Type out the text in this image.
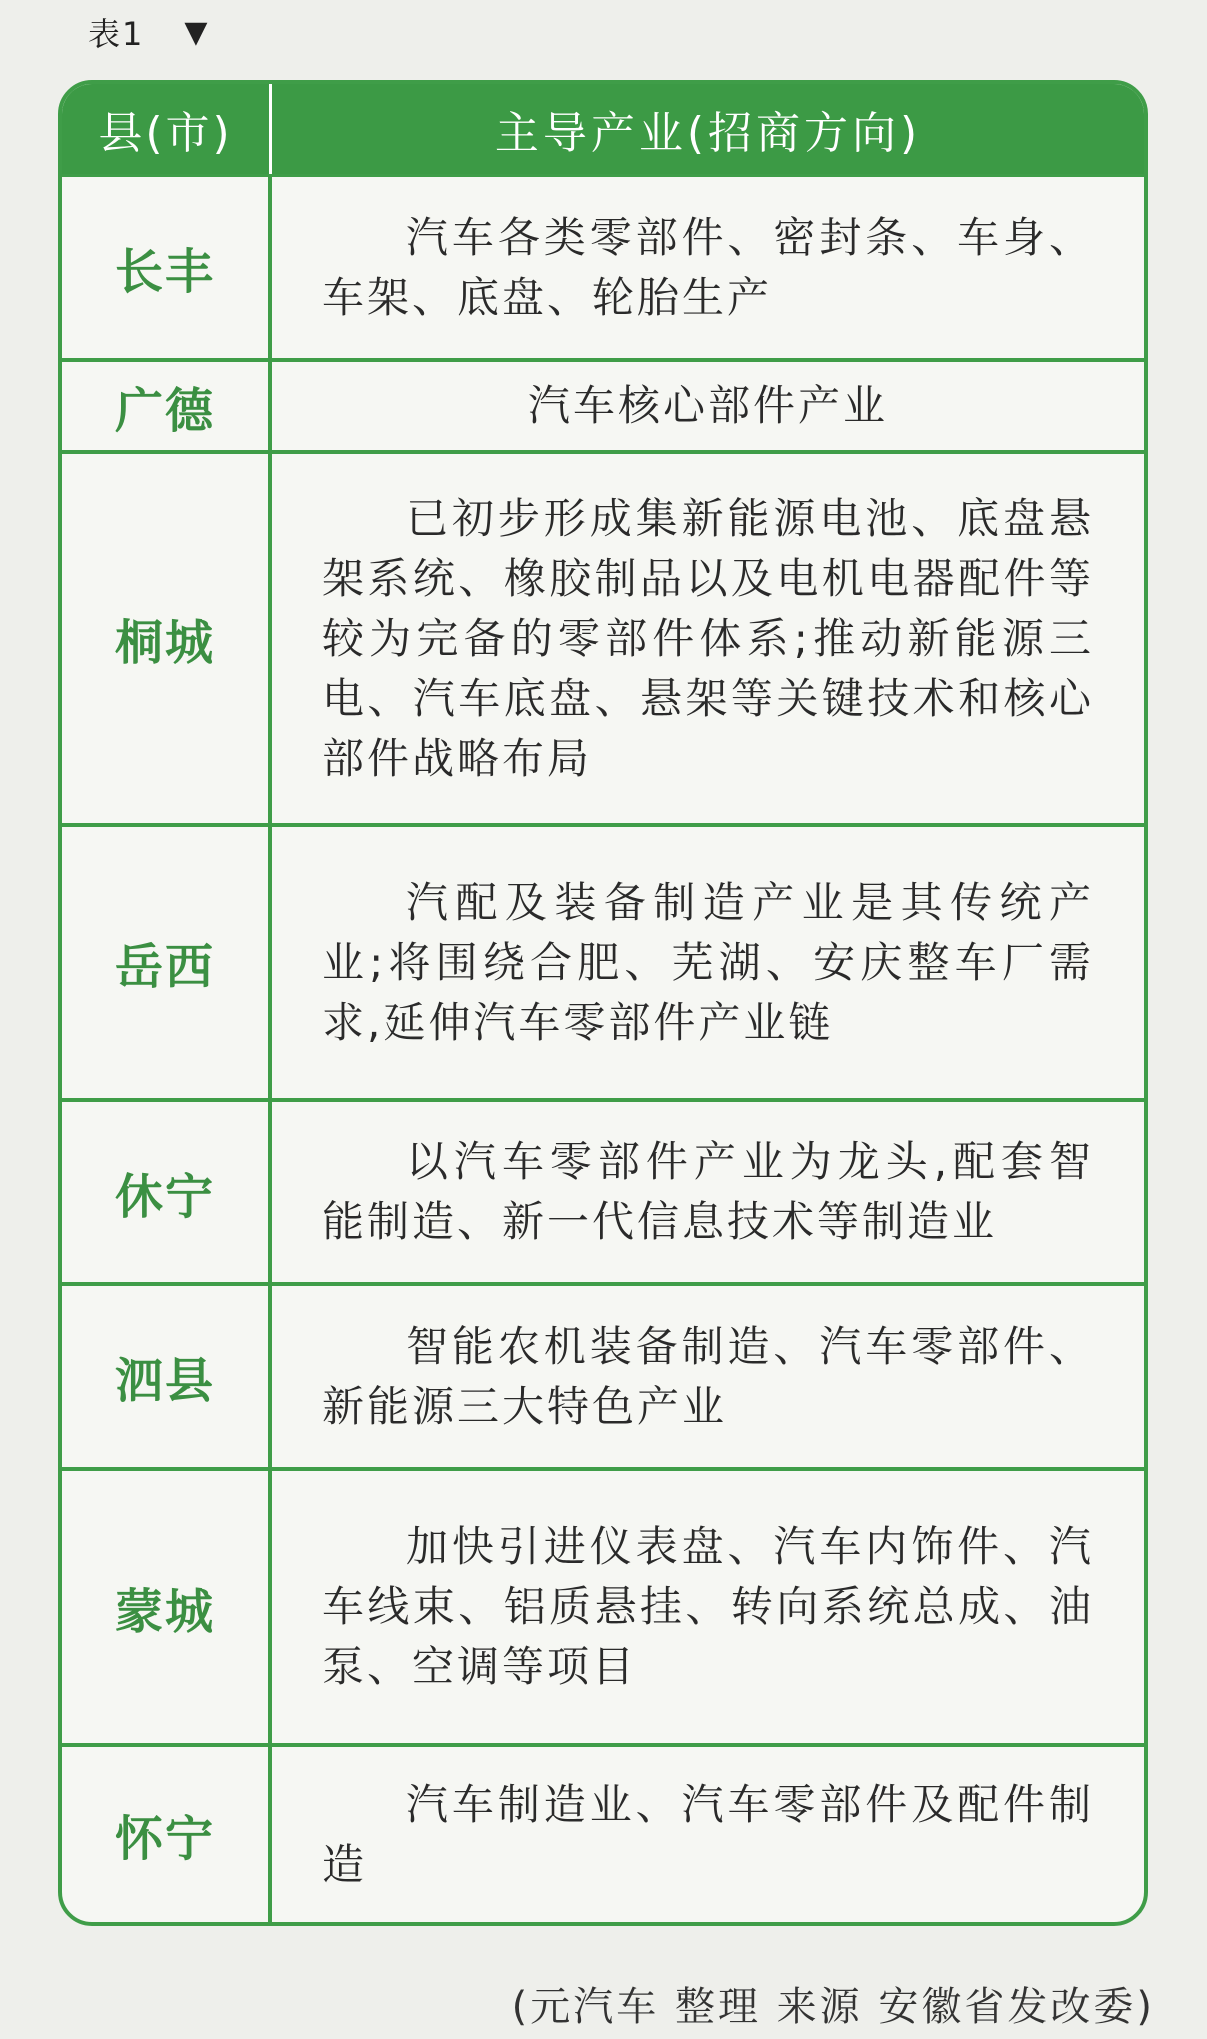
表1 ▼
县(市)	主导产业(招商方向)
长丰
汽车各类零部件、密封条、车身、车架、底盘、轮胎生产
广德	汽车核心部件产业
桐城
已初步形成集新能源电池、底盘悬架系统、橡胶制品以及电机电器配件等较为完备的零部件体系;推动新能源三电、汽车底盘、悬架等关键技术和核心部件战略布局
岳西
汽配及装备制造产业是其传统产业;将围绕合肥、芜湖、安庆整车厂需求,延伸汽车零部件产业链
休宁
以汽车零部件产业为龙头,配套智能制造、新一代信息技术等制造业
泗县
智能农机装备制造、汽车零部件、新能源三大特色产业
蒙城
加快引进仪表盘、汽车内饰件、汽车线束、铝质悬挂、转向系统总成、油泵、空调等项目
怀宁
汽车制造业、汽车零部件及配件制造
(元汽车 整理 来源 安徽省发改委)
